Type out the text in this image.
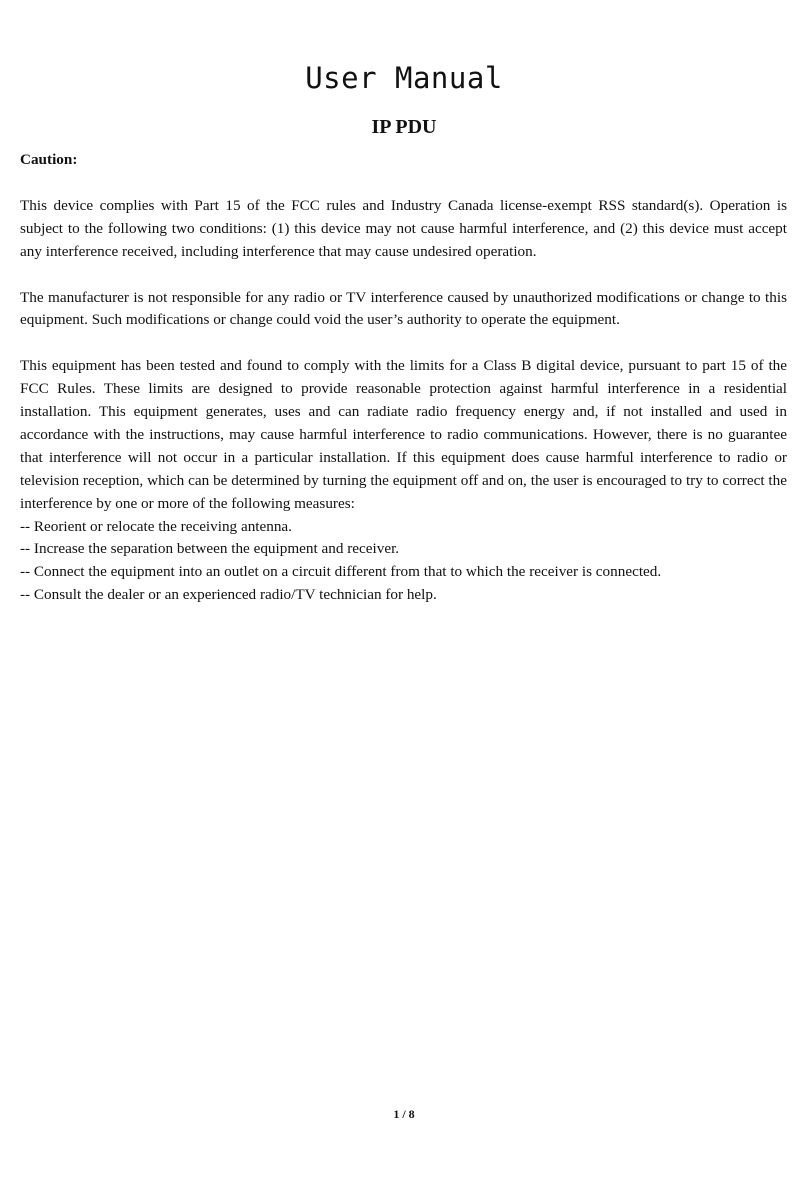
User Manual
IP PDU

Caution:

This device complies with Part 15 of the FCC rules and Industry Canada license-exempt RSS standard(s). Operation is subject to the following two conditions: (1) this device may not cause harmful interference, and (2) this device must accept any interference received, including interference that may cause undesired operation.

The manufacturer is not responsible for any radio or TV interference caused by unauthorized modifications or change to this equipment. Such modifications or change could void the user’s authority to operate the equipment.

This equipment has been tested and found to comply with the limits for a Class B digital device, pursuant to part 15 of the FCC Rules. These limits are designed to provide reasonable protection against harmful interference in a residential installation. This equipment generates, uses and can radiate radio frequency energy and, if not installed and used in accordance with the instructions, may cause harmful interference to radio communications. However, there is no guarantee that interference will not occur in a particular installation. If this equipment does cause harmful interference to radio or television reception, which can be determined by turning the equipment off and on, the user is encouraged to try to correct the interference by one or more of the following measures:

-- Reorient or relocate the receiving antenna.
-- Increase the separation between the equipment and receiver.
-- Connect the equipment into an outlet on a circuit different from that to which the receiver is connected.
-- Consult the dealer or an experienced radio/TV technician for help.
1 / 8
